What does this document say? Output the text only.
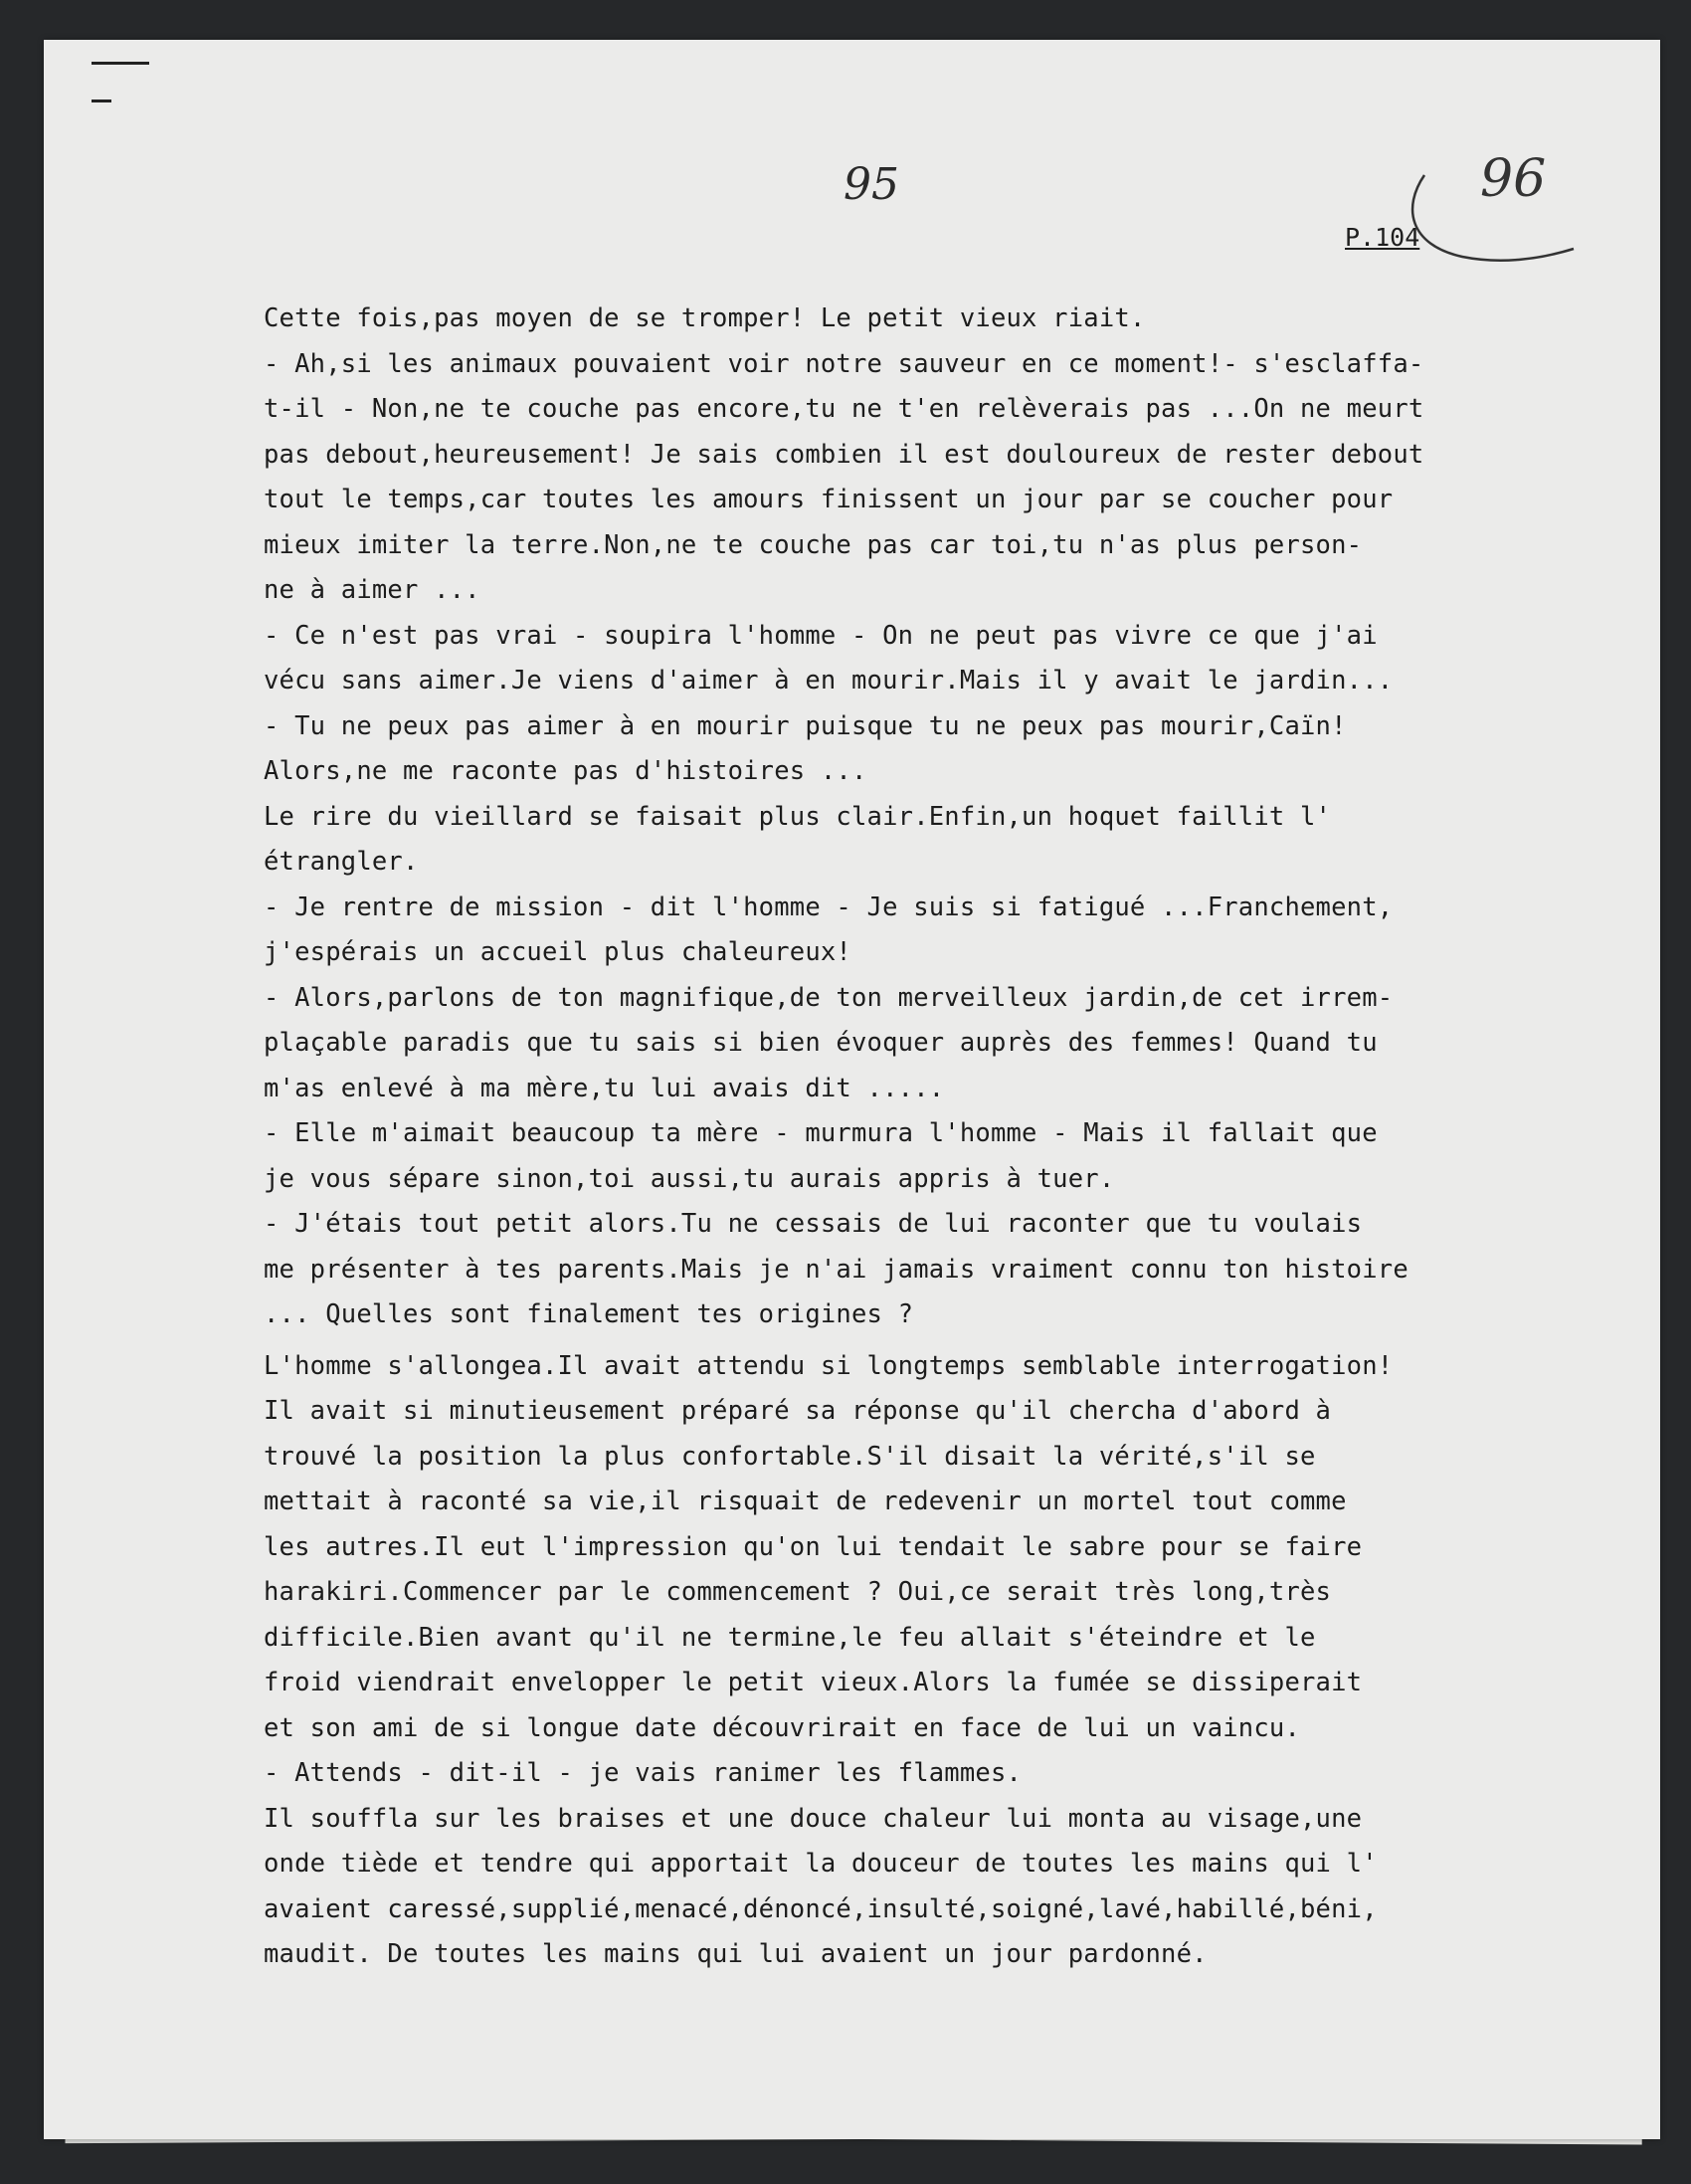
95	96
P.104
Cette fois,pas moyen de se tromper! Le petit vieux riait.
- Ah,si les animaux pouvaient voir notre sauveur en ce moment!- s'esclaffa-
t-il - Non,ne te couche pas encore,tu ne t'en relèverais pas ...On ne meurt
pas debout,heureusement! Je sais combien il est douloureux de rester debout
tout le temps,car toutes les amours finissent un jour par se coucher pour
mieux imiter la terre.Non,ne te couche pas car toi,tu n'as plus person-
ne à aimer ...
- Ce n'est pas vrai - soupira l'homme - On ne peut pas vivre ce que j'ai
vécu sans aimer.Je viens d'aimer à en mourir.Mais il y avait le jardin...
- Tu ne peux pas aimer à en mourir puisque tu ne peux pas mourir,Caïn!
Alors,ne me raconte pas d'histoires ...
Le rire du vieillard se faisait plus clair.Enfin,un hoquet faillit l'
étrangler.
- Je rentre de mission - dit l'homme - Je suis si fatigué ...Franchement,
j'espérais un accueil plus chaleureux!
- Alors,parlons de ton magnifique,de ton merveilleux jardin,de cet irrem-
plaçable paradis que tu sais si bien évoquer auprès des femmes! Quand tu
m'as enlevé à ma mère,tu lui avais dit .....
- Elle m'aimait beaucoup ta mère - murmura l'homme - Mais il fallait que
je vous sépare sinon,toi aussi,tu aurais appris à tuer.
- J'étais tout petit alors.Tu ne cessais de lui raconter que tu voulais
me présenter à tes parents.Mais je n'ai jamais vraiment connu ton histoire
... Quelles sont finalement tes origines ?
L'homme s'allongea.Il avait attendu si longtemps semblable interrogation!
Il avait si minutieusement préparé sa réponse qu'il chercha d'abord à
trouvé la position la plus confortable.S'il disait la vérité,s'il se
mettait à raconté sa vie,il risquait de redevenir un mortel tout comme
les autres.Il eut l'impression qu'on lui tendait le sabre pour se faire
harakiri.Commencer par le commencement ? Oui,ce serait très long,très
difficile.Bien avant qu'il ne termine,le feu allait s'éteindre et le
froid viendrait envelopper le petit vieux.Alors la fumée se dissiperait
et son ami de si longue date découvrirait en face de lui un vaincu.
- Attends - dit-il - je vais ranimer les flammes.
Il souffla sur les braises et une douce chaleur lui monta au visage,une
onde tiède et tendre qui apportait la douceur de toutes les mains qui l'
avaient caressé,supplié,menacé,dénoncé,insulté,soigné,lavé,habillé,béni,
maudit. De toutes les mains qui lui avaient un jour pardonné.
